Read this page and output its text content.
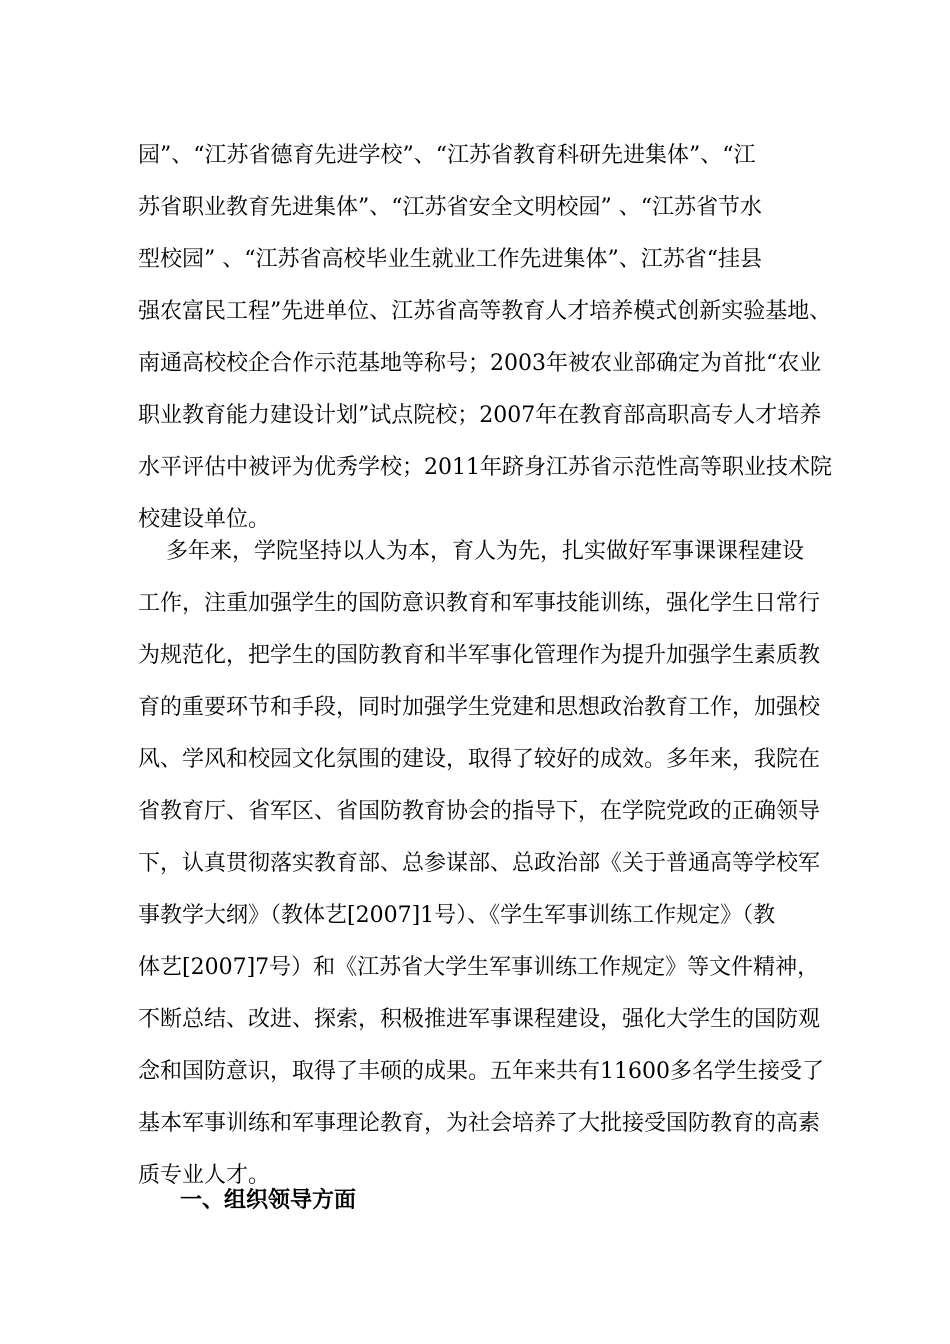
园”、“江苏省德育先进学校”、“江苏省教育科研先进集体”、“江
苏省职业教育先进集体”、“江苏省安全文明校园” 、“江苏省节水
型校园” 、“江苏省高校毕业生就业工作先进集体”、江苏省“挂县
强农富民工程”先进单位、江苏省高等教育人才培养模式创新实验基地、
南通高校校企合作示范基地等称号；2003年被农业部确定为首批“农业
职业教育能力建设计划”试点院校；2007年在教育部高职高专人才培养
水平评估中被评为优秀学校；2011年跻身江苏省示范性高等职业技术院
校建设单位。
多年来，学院坚持以人为本，育人为先，扎实做好军事课课程建设
工作，注重加强学生的国防意识教育和军事技能训练，强化学生日常行
为规范化，把学生的国防教育和半军事化管理作为提升加强学生素质教
育的重要环节和手段，同时加强学生党建和思想政治教育工作，加强校
风、学风和校园文化氛围的建设，取得了较好的成效。多年来，我院在
省教育厅、省军区、省国防教育协会的指导下，在学院党政的正确领导
下，认真贯彻落实教育部、总参谋部、总政治部《关于普通高等学校军
事教学大纲》（教体艺[2007]1号）、《学生军事训练工作规定》（教
体艺[2007]7号）和《江苏省大学生军事训练工作规定》等文件精神，
不断总结、改进、探索，积极推进军事课程建设，强化大学生的国防观
念和国防意识，取得了丰硕的成果。五年来共有11600多名学生接受了
基本军事训练和军事理论教育，为社会培养了大批接受国防教育的高素
质专业人才。
一、组织领导方面
